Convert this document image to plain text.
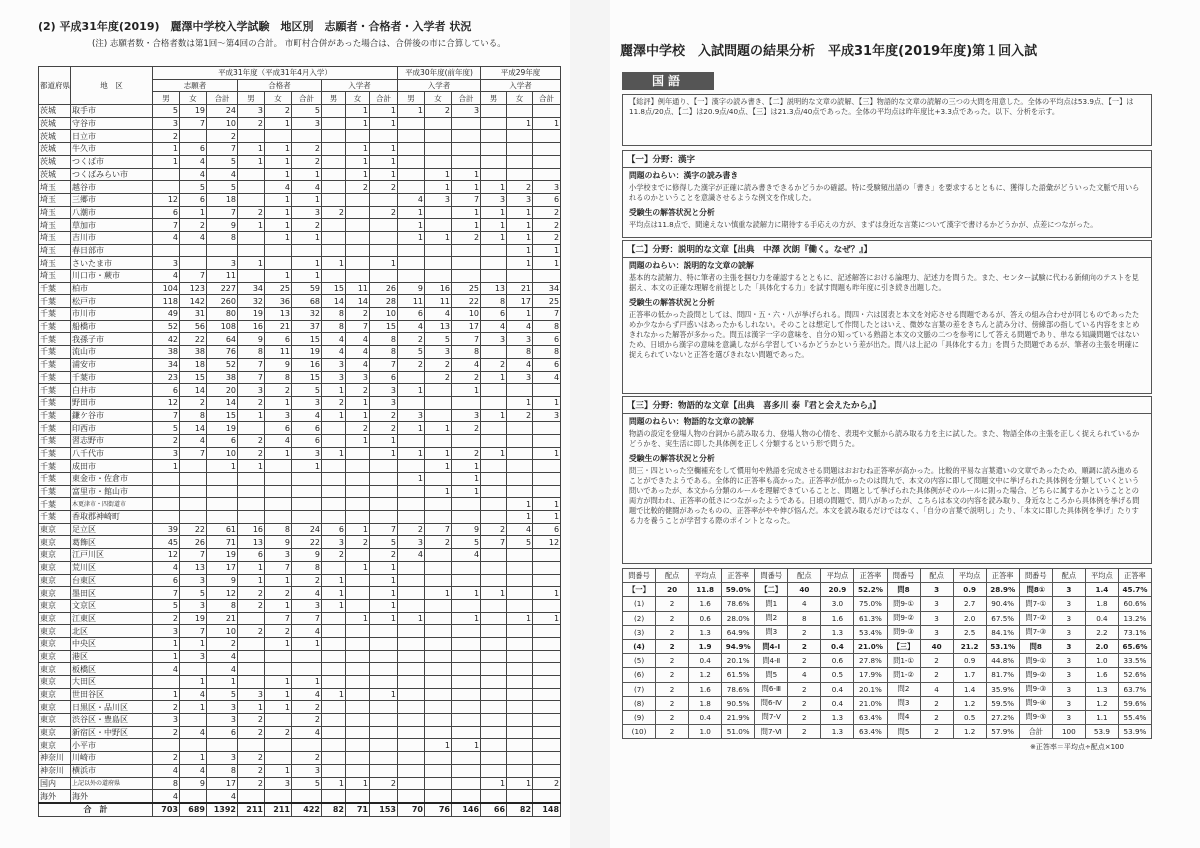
(2) 平成31年度(2019)　麗澤中学校入学試験　地区別　志願者・合格者・入学者 状況
(注) 志願者数・合格者数は第1回〜第4回の合計。 市町村合併があった場合は、合併後の市に合算している。
都道府県	地　区	平成31年度（平成31年4月入学）									平成30年度(前年度)			平成29年度		
		志願者			合格者			入学者			入学者			入学者		
		男	女	合計	男	女	合計	男	女	合計	男	女	合計	男	女	合計
茨城	取手市	5	19	24	3	2	5		1	1	1	2	3			
茨城	守谷市	3	7	10	2	1	3		1	1					1	1
茨城	日立市	2		2												
茨城	牛久市	1	6	7	1	1	2		1	1						
茨城	つくば市	1	4	5	1	1	2		1	1						
茨城	つくばみらい市		4	4		1	1		1	1		1	1			
埼玉	越谷市		5	5		4	4		2	2		1	1	1	2	3
埼玉	三郷市	12	6	18		1	1				4	3	7	3	3	6
埼玉	八潮市	6	1	7	2	1	3	2		2	1		1	1	1	2
埼玉	草加市	7	2	9	1	1	2				1		1	1	1	2
埼玉	吉川市	4	4	8		1	1				1	1	2	1	1	2
埼玉	春日部市														1	1
埼玉	さいたま市	3		3	1		1	1		1					1	1
埼玉	川口市・蕨市	4	7	11		1	1									
千葉	柏市	104	123	227	34	25	59	15	11	26	9	16	25	13	21	34
千葉	松戸市	118	142	260	32	36	68	14	14	28	11	11	22	8	17	25
千葉	市川市	49	31	80	19	13	32	8	2	10	6	4	10	6	1	7
千葉	船橋市	52	56	108	16	21	37	8	7	15	4	13	17	4	4	8
千葉	我孫子市	42	22	64	9	6	15	4	4	8	2	5	7	3	3	6
千葉	流山市	38	38	76	8	11	19	4	4	8	5	3	8		8	8
千葉	浦安市	34	18	52	7	9	16	3	4	7	2	2	4	2	4	6
千葉	千葉市	23	15	38	7	8	15	3	3	6		2	2	1	3	4
千葉	白井市	6	14	20	3	2	5	1	2	3	1		1			
千葉	野田市	12	2	14	2	1	3	2	1	3					1	1
千葉	鎌ケ谷市	7	8	15	1	3	4	1	1	2	3		3	1	2	3
千葉	印西市	5	14	19		6	6		2	2	1	1	2			
千葉	習志野市	2	4	6	2	4	6		1	1						
千葉	八千代市	3	7	10	2	1	3	1		1	1	1	2	1		1
千葉	成田市	1		1	1		1					1	1			
千葉	東金市・佐倉市										1		1			
千葉	富里市・館山市											1	1			
千葉	木更津市・四街道市														1	1
千葉	香取郡神崎町														1	1
東京	足立区	39	22	61	16	8	24	6	1	7	2	7	9	2	4	6
東京	葛飾区	45	26	71	13	9	22	3	2	5	3	2	5	7	5	12
東京	江戸川区	12	7	19	6	3	9	2		2	4		4			
東京	荒川区	4	13	17	1	7	8		1	1						
東京	台東区	6	3	9	1	1	2	1		1						
東京	墨田区	7	5	12	2	2	4	1		1		1	1	1		1
東京	文京区	5	3	8	2	1	3	1		1						
東京	江東区	2	19	21		7	7		1	1	1		1		1	1
東京	北区	3	7	10	2	2	4									
東京	中央区	1	1	2		1	1									
東京	港区	1	3	4												
東京	板橋区	4		4												
東京	大田区		1	1		1	1									
東京	世田谷区	1	4	5	3	1	4	1		1						
東京	日黒区・品川区	2	1	3	1	1	2									
東京	渋谷区・豊島区	3		3	2		2									
東京	新宿区・中野区	2	4	6	2	2	4									
東京	小平市											1	1			
神奈川	川崎市	2	1	3	2		2									
神奈川	横浜市	4	4	8	2	1	3									
国内	上記以外の道府県	8	9	17	2	3	5	1	1	2				1	1	2
海外	海外	4		4												
合　計		703	689	1392	211	211	422	82	71	153	70	76	146	66	82	148
麗澤中学校　入試問題の結果分析　平成31年度(2019年度)第１回入試
国語
【総評】例年通り、【一】漢字の読み書き、【二】説明的な文章の読解、【三】物語的な文章の読解の三つの大問を用意した。全体の平均点は53.9点、【一】は11.8点/20点、【二】は20.9点/40点、【三】は21.3点/40点であった。全体の平均点は昨年度比+3.3点であった。以下、分析を示す。
【一】分野：漢字
問題のねらい：漢字の読み書き
小学校までに修得した漢字が正確に読み書きできるかどうかの確認。特に受験頻出語の「書き」を要求するとともに、獲得した語彙がどういった文脈で用いられるのかということを意識させるような例文を作成した。
受験生の解答状況と分析
平均点は11.8点で、間違えない慎重な読解力に期待する手応えの方が、まずは身近な言葉について漢字で書けるかどうかが、点差につながった。
【二】分野：説明的な文章【出典　中澤 次朗『働く。なぜ？』】
問題のねらい：説明的な文章の読解
基本的な読解力、特に筆者の主張を掴む力を確認するとともに、記述解答における論理力、記述力を問うた。また、センター試験に代わる新傾向のテストを見据え、本文の正確な理解を前提とした「具体化する力」を試す問題も昨年度に引き続き出題した。
受験生の解答状況と分析
正答率の低かった設問としては、問四・五・六・八が挙げられる。問四・六は図表と本文を対応させる問題であるが、答えの組み合わせが同じものであったためか少なからず戸惑いはあったかもしれない。そのことは想定して作問したとはいえ、微妙な言葉の差をきちんと読み分け、傍線部の指している内容をまとめきれなかった解答が多かった。問五は漢字一字の意味を、自分の知っている熟語と本文の文脈の二つを参考にして答える問題であり、単なる知識問題ではないため、日頃から漢字の意味を意識しながら学習しているかどうかという差が出た。問八は上記の「具体化する力」を問うた問題であるが、筆者の主張を明確に捉えられていないと正答を選びきれない問題であった。
【三】分野：物語的な文章【出典　喜多川 泰『君と会えたから』】
問題のねらい：物語的な文章の読解
物語の設定を登場人物の台詞から読み取る力、登場人物の心情を、表現や文脈から読み取る力を主に試した。また、物語全体の主張を正しく捉えられているかどうかを、実生活に即した具体例を正しく分類するという形で問うた。
受験生の解答状況と分析
問三・四といった空欄補充をして慣用句や熟語を完成させる問題はおおむね正答率が高かった。比較的平易な言葉遣いの文章であったため、順調に読み進めることができたようである。全体的に正答率も高かった。正答率が低かったのは問九で、本文の内容に即して問題文中に挙げられた具体例を分類していくという問いであったが、本文から分類のルールを理解できていることと、問題として挙げられた具体例がそのルールに則った場合、どちらに属するかということとの両方が問われ、正答率の低さにつながったようである。日頃の問題で、問八があったが、こちらは本文の内容を読み取り、身近なところから具体例を挙げる問題で比較的健闘があったものの、正答率がやや伸び悩んだ。本文を読み取るだけではなく、「自分の言葉で説明し」たり、「本文に即した具体例を挙げ」たりする力を養うことが学習する際のポイントとなった。
問番号	配点	平均点	正答率	問番号	配点	平均点	正答率	問番号	配点	平均点	正答率	問番号	配点	平均点	正答率
【一】	20	11.8	59.0%	【二】	40	20.9	52.2%	問8	3	0.9	28.9%	問8①	3	1.4	45.7%
(1)	2	1.6	78.6%	問1	4	3.0	75.0%	問9-①	3	2.7	90.4%	問7-①	3	1.8	60.6%
(2)	2	0.6	28.0%	問2	8	1.6	61.3%	問9-②	3	2.0	67.5%	問7-②	3	0.4	13.2%
(3)	2	1.3	64.9%	問3	2	1.3	53.4%	問9-③	3	2.5	84.1%	問7-③	3	2.2	73.1%
(4)	2	1.9	94.9%	問4-Ⅰ	2	0.4	21.0%	【三】	40	21.2	53.1%	問8	3	2.0	65.6%
(5)	2	0.4	20.1%	問4-Ⅱ	2	0.6	27.8%	問1-①	2	0.9	44.8%	問9-①	3	1.0	33.5%
(6)	2	1.2	61.5%	問5	4	0.5	17.9%	問1-②	2	1.7	81.7%	問9-②	3	1.6	52.6%
(7)	2	1.6	78.6%	問6-Ⅲ	2	0.4	20.1%	問2	4	1.4	35.9%	問9-③	3	1.3	63.7%
(8)	2	1.8	90.5%	問6-Ⅳ	2	0.4	21.0%	問3	2	1.2	59.5%	問9-④	3	1.2	59.6%
(9)	2	0.4	21.9%	問7-Ⅴ	2	1.3	63.4%	問4	2	0.5	27.2%	問9-⑤	3	1.1	55.4%
(10)	2	1.0	51.0%	問7-Ⅵ	2	1.3	63.4%	問5	2	1.2	57.9%	合計	100	53.9	53.9%
※正答率＝平均点÷配点×100
